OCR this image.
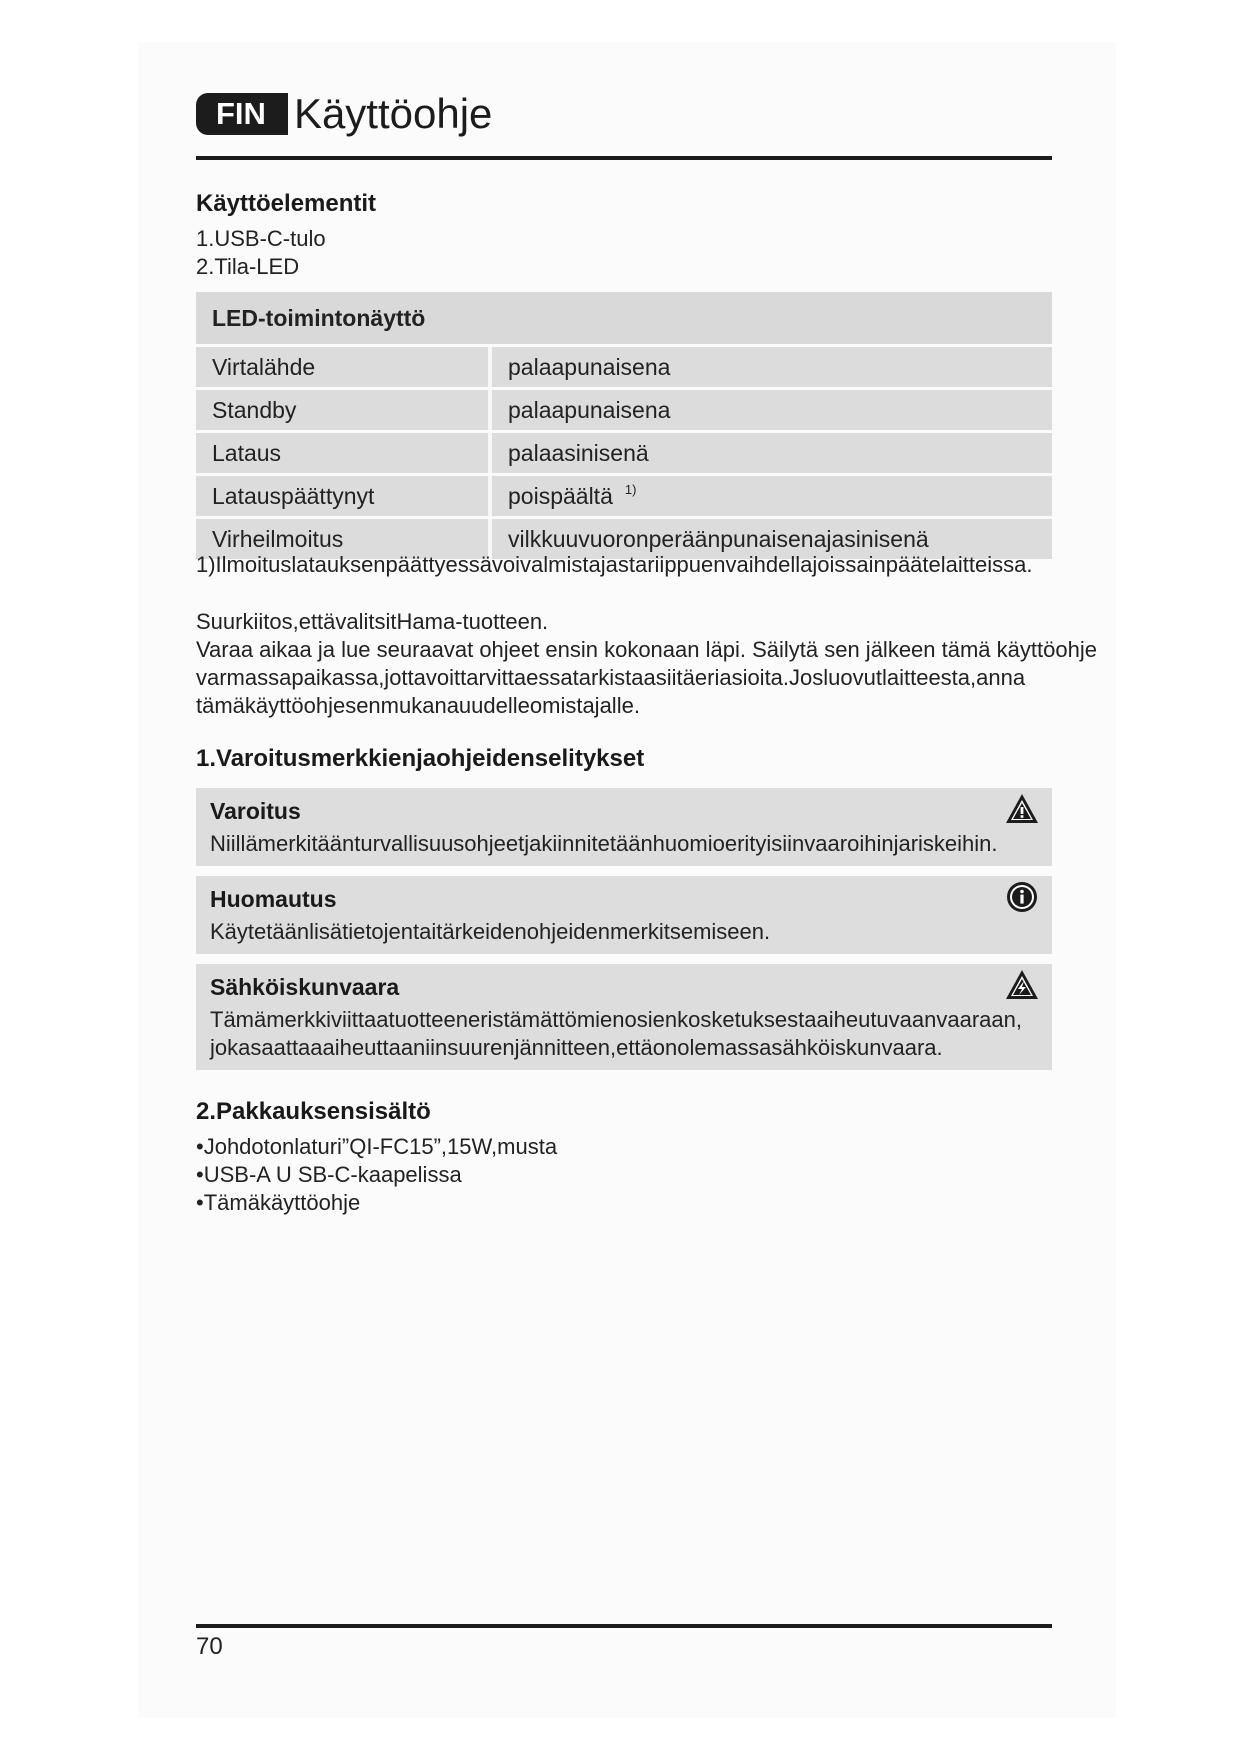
FIN Käyttöohje
Käyttöelementit
1.USB-C-tulo
2.Tila-LED
LED-toimintonäyttö	
Virtalähde	palaapunaisena
Standby	palaapunaisena
Lataus	palaasinisenä
Latauspäättynyt	poispäältä $^{1)}$
Virheilmoitus	vilkkuuvuoronperäänpunaisenajasinisenä
1)Ilmoituslatauksenpäättyessävoivalmistajastariippuenvaihdellajoissainpäätelaitteissa.
Suurkiitos,ettävalitsitHama-tuotteen.
Varaa aikaa ja lue seuraavat ohjeet ensin kokonaan läpi. Säilytä sen jälkeen tämä käyttöohje
varmassapaikassa,jottavoittarvittaessatarkistaasiitäeriasioita.Josluovutlaitteesta,anna
tämäkäyttöohjesenmukanauudelleomistajalle.
1.Varoitusmerkkienjaohjeidenselitykset
Varoitus
Niillämerkitäänturvallisuusohjeetjakiinnitetäänhuomioerityisiinvaaroihinjariskeihin.
Huomautus
Käytetäänlisätietojentaitärkeidenohjeidenmerkitsemiseen.
Sähköiskunvaara
Tämämerkkiviittaatuotteeneristämättömienosienkosketuksestaaiheutuvaanvaaraan,
jokasaattaaaiheuttaaniinsuurenjännitteen,ettäonolemassasähköiskunvaara.
2.Pakkauksensisältö
•Johdotonlaturi”QI-FC15”,15W,musta
•USB-A U SB-C-kaapelissa
•Tämäkäyttöohje
70
